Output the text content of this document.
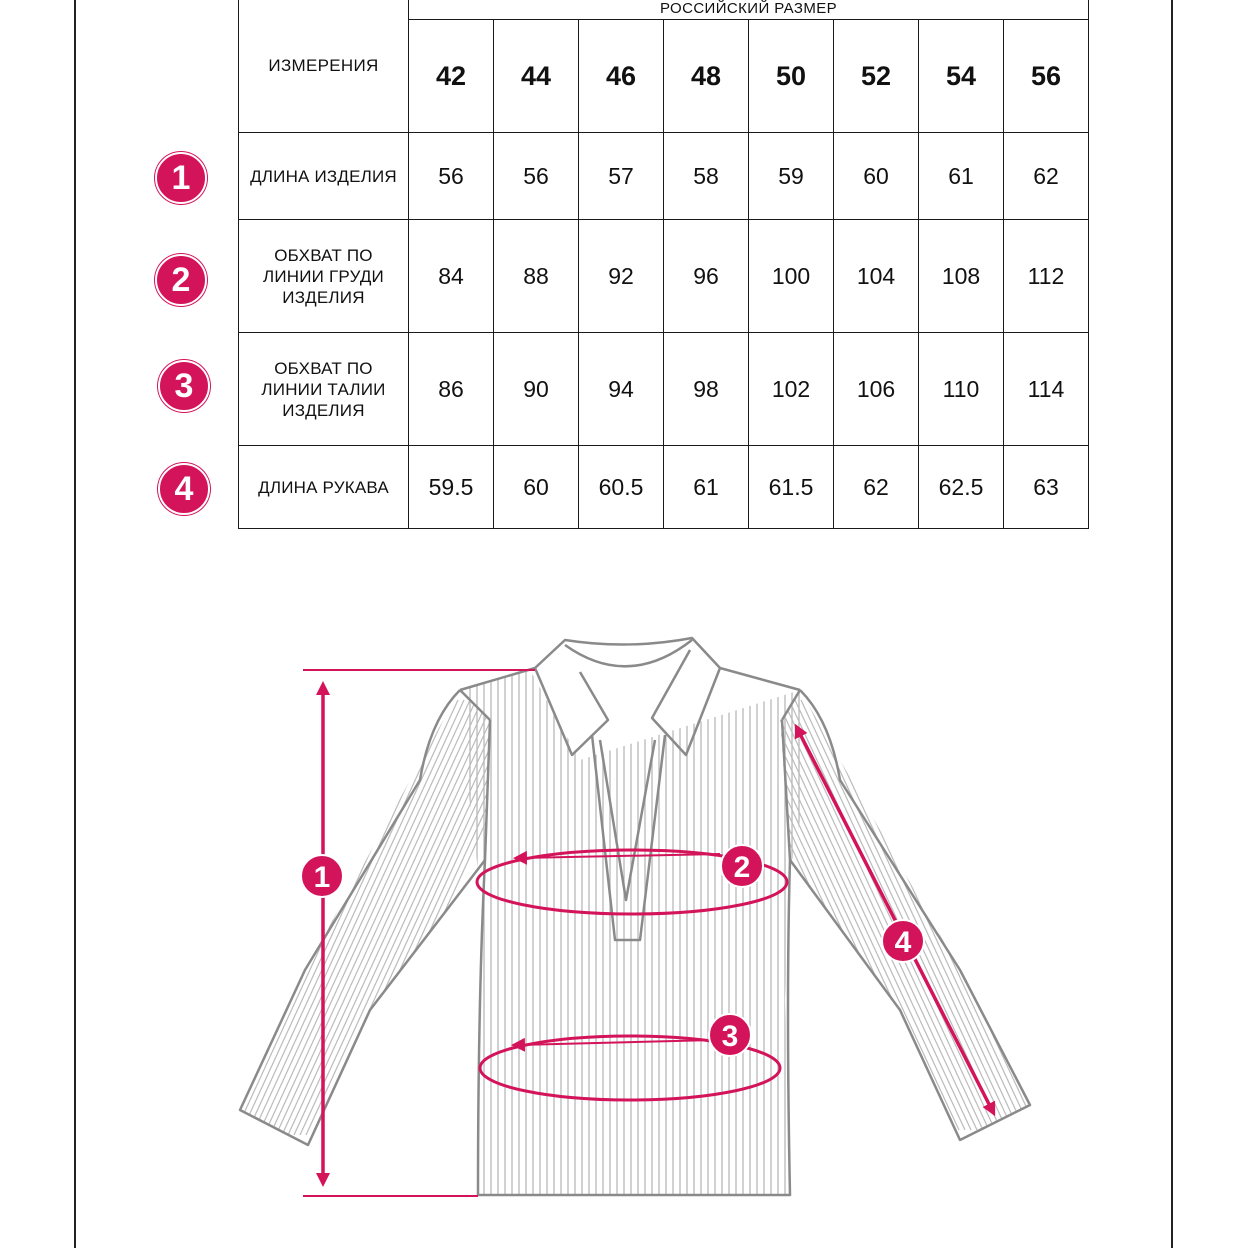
1
2
3
4
ИЗМЕРЕНИЯ	РОССИЙСКИЙ РАЗМЕР							
	42	44	46	48	50	52	54	56
ДЛИНА ИЗДЕЛИЯ	56	56	57	58	59	60	61	62
ОБХВАТ ПО
ЛИНИИ ГРУДИ
ИЗДЕЛИЯ	84	88	92	96	100	104	108	112
ОБХВАТ ПО
ЛИНИИ ТАЛИИ
ИЗДЕЛИЯ	86	90	94	98	102	106	110	114
ДЛИНА РУКАВА	59.5	60	60.5	61	61.5	62	62.5	63
1	2
3
4
